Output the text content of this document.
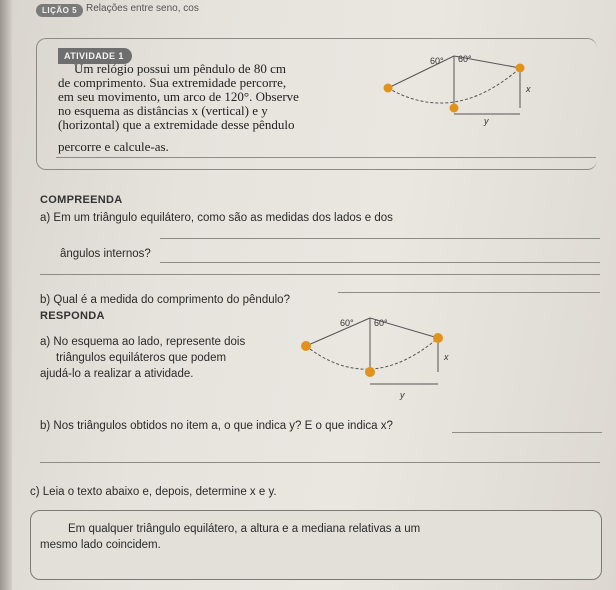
LIÇÃO 5 Relações entre seno, cos
ATIVIDADE 1
Um relógio possui um pêndulo de 80 cm
de comprimento. Sua extremidade percorre,
em seu movimento, um arco de 120°. Observe
no esquema as distâncias x (vertical) e y
(horizontal) que a extremidade desse pêndulo
percorre e calcule-as.
60° 60°
x
y
COMPREENDA
a) Em um triângulo equilátero, como são as medidas dos lados e dos
ângulos internos?
b) Qual é a medida do comprimento do pêndulo?
RESPONDA
a) No esquema ao lado, represente dois
triângulos equiláteros que podem
ajudá-lo a realizar a atividade.
60° 60°
x
y
b) Nos triângulos obtidos no item a, o que indica y? E o que indica x?
c) Leia o texto abaixo e, depois, determine x e y.
Em qualquer triângulo equilátero, a altura e a mediana relativas a um
mesmo lado coincidem.
